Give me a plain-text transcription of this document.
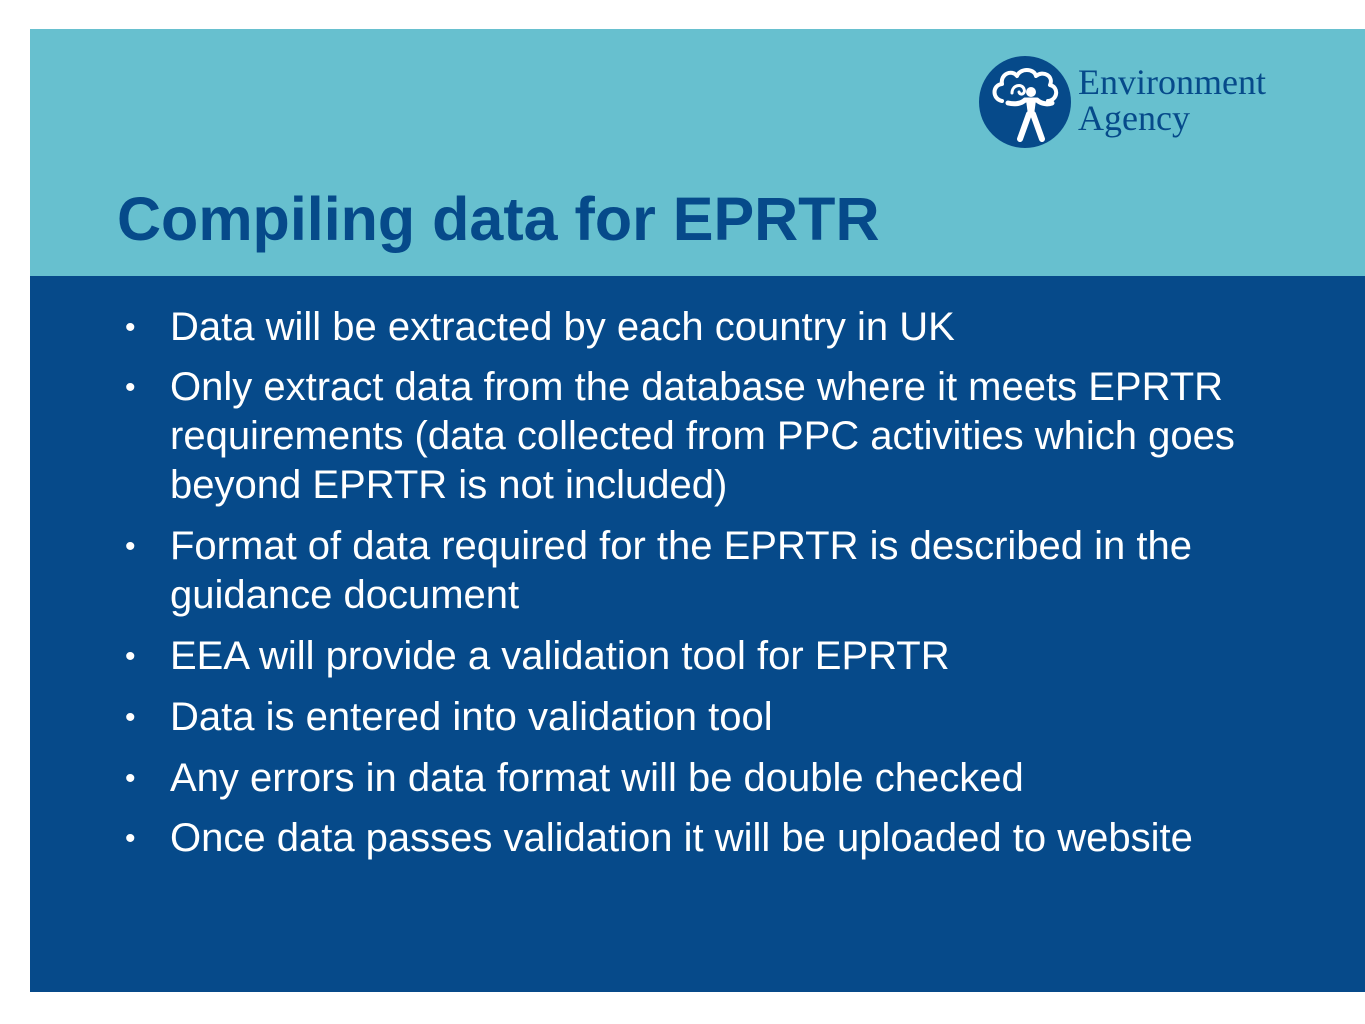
Environment
Agency
Compiling data for EPRTR
• Data will be extracted by each country in UK
• Only extract data from the database where it meets EPRTR requirements (data collected from PPC activities which goes beyond EPRTR is not included)
• Format of data required for the EPRTR is described in the guidance document
• EEA will provide a validation tool for EPRTR
• Data is entered into validation tool
• Any errors in data format will be double checked
• Once data passes validation it will be uploaded to website
